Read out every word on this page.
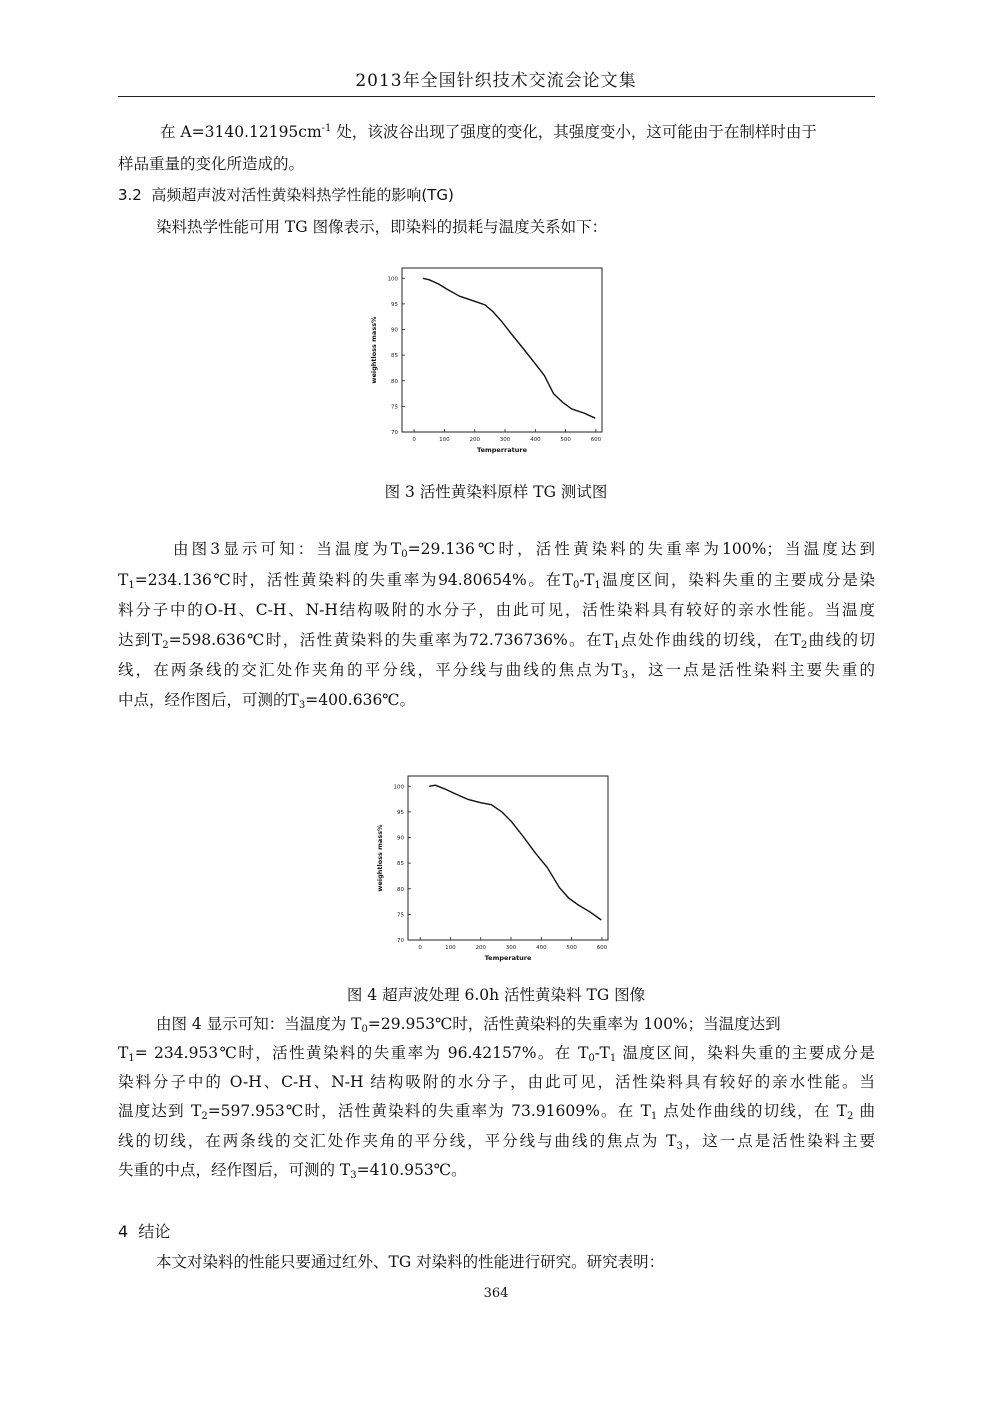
2013年全国针织技术交流会论文集
在 $A=3140.12195cm^{-1}$ 处，该波谷出现了强度的变化，其强度变小，这可能由于在制样时由于
样品重量的变化所造成的。
3.2 高频超声波对活性黄染料热学性能的影响(TG)
染料热学性能可用 TG 图像表示，即染料的损耗与温度关系如下：
0	100	200	300	400	500	600
70
75
80
85
90
95
100
Temperrature
weightloss mass%
图 3 活性黄染料原样 TG 测试图
由图3显示可知：当温度为$T_0=29.136℃$时，活性黄染料的失重率为100%；当温度达到
$T_1=234.136℃$时，活性黄染料的失重率为94.80654%。在$T_0-T_1$温度区间，染料失重的主要成分是染
料分子中的O-H、C-H、N-H结构吸附的水分子，由此可见，活性染料具有较好的亲水性能。当温度
达到$T_2=598.636℃$时，活性黄染料的失重率为72.736736%。在$T_1$点处作曲线的切线，在$T_2$曲线的切
线，在两条线的交汇处作夹角的平分线，平分线与曲线的焦点为$T_3$，这一点是活性染料主要失重的
中点，经作图后，可测的$T_3=400.636℃$。
0	100	200	300	400	500	600
70
75
80
85
90
95
100
Temperature
weightloss mass%
图 4 超声波处理 6.0h 活性黄染料 TG 图像
由图 4 显示可知：当温度为 $T_0=29.953℃$时，活性黄染料的失重率为 100%；当温度达到
$T_1=$ 234.953℃时，活性黄染料的失重率为 96.42157%。在 $T_0-T_1$ 温度区间，染料失重的主要成分是
染料分子中的 O-H、C-H、N-H 结构吸附的水分子，由此可见，活性染料具有较好的亲水性能。当
温度达到 $T_2=597.953℃$时，活性黄染料的失重率为 73.91609%。在 $T_1$ 点处作曲线的切线，在 $T_2$ 曲
线的切线，在两条线的交汇处作夹角的平分线，平分线与曲线的焦点为 $T_3$，这一点是活性染料主要
失重的中点，经作图后，可测的 $T_3=410.953℃$。
4 结论
本文对染料的性能只要通过红外、TG 对染料的性能进行研究。研究表明：
364
